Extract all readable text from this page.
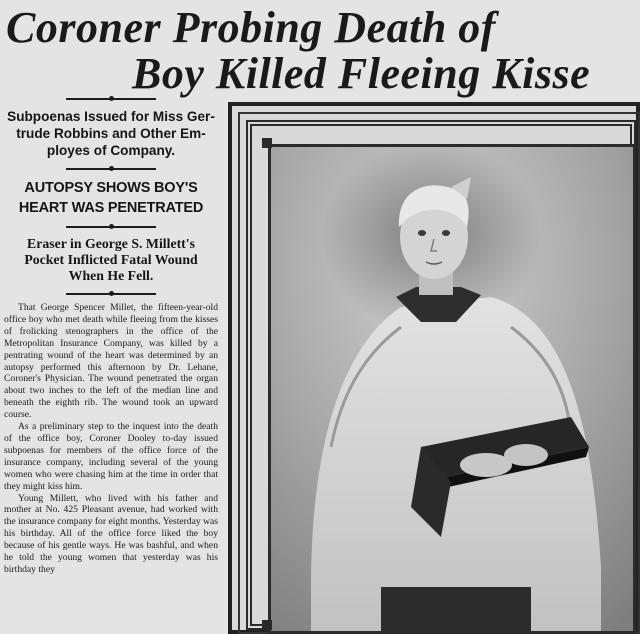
Coroner Probing Death of
Boy Killed Fleeing Kisse
Subpoenas Issued for Miss Ger-
trude Robbins and Other Em-
ployes of Company.
AUTOPSY SHOWS BOY'S
HEART WAS PENETRATED
Eraser in George S. Millett's
Pocket Inflicted Fatal Wound
When He Fell.

That George Spencer Millet, the fifteen-year-old office boy who met death while fleeing from the kisses of frolicking stenographers in the office of the Metropolitan Insurance Company, was killed by a pentrating wound of the heart was determined by an autopsy performed this afternoon by Dr. Lehane, Coroner's Physician. The wound penetrated the organ about two inches to the left of the median line and beneath the eighth rib. The wound took an upward course.

As a preliminary step to the inquest into the death of the office boy, Coroner Dooley to-day issued subpoenas for members of the office force of the insurance company, including several of the young women who were chasing him at the time in order that they might kiss him.

Young Millett, who lived with his father and mother at No. 425 Pleasant avenue, had worked with the insurance company for eight months. Yesterday was his birthday. All of the office force liked the boy because of his gentle ways. He was bashful, and when he told the young women that yesterday was his birthday they
